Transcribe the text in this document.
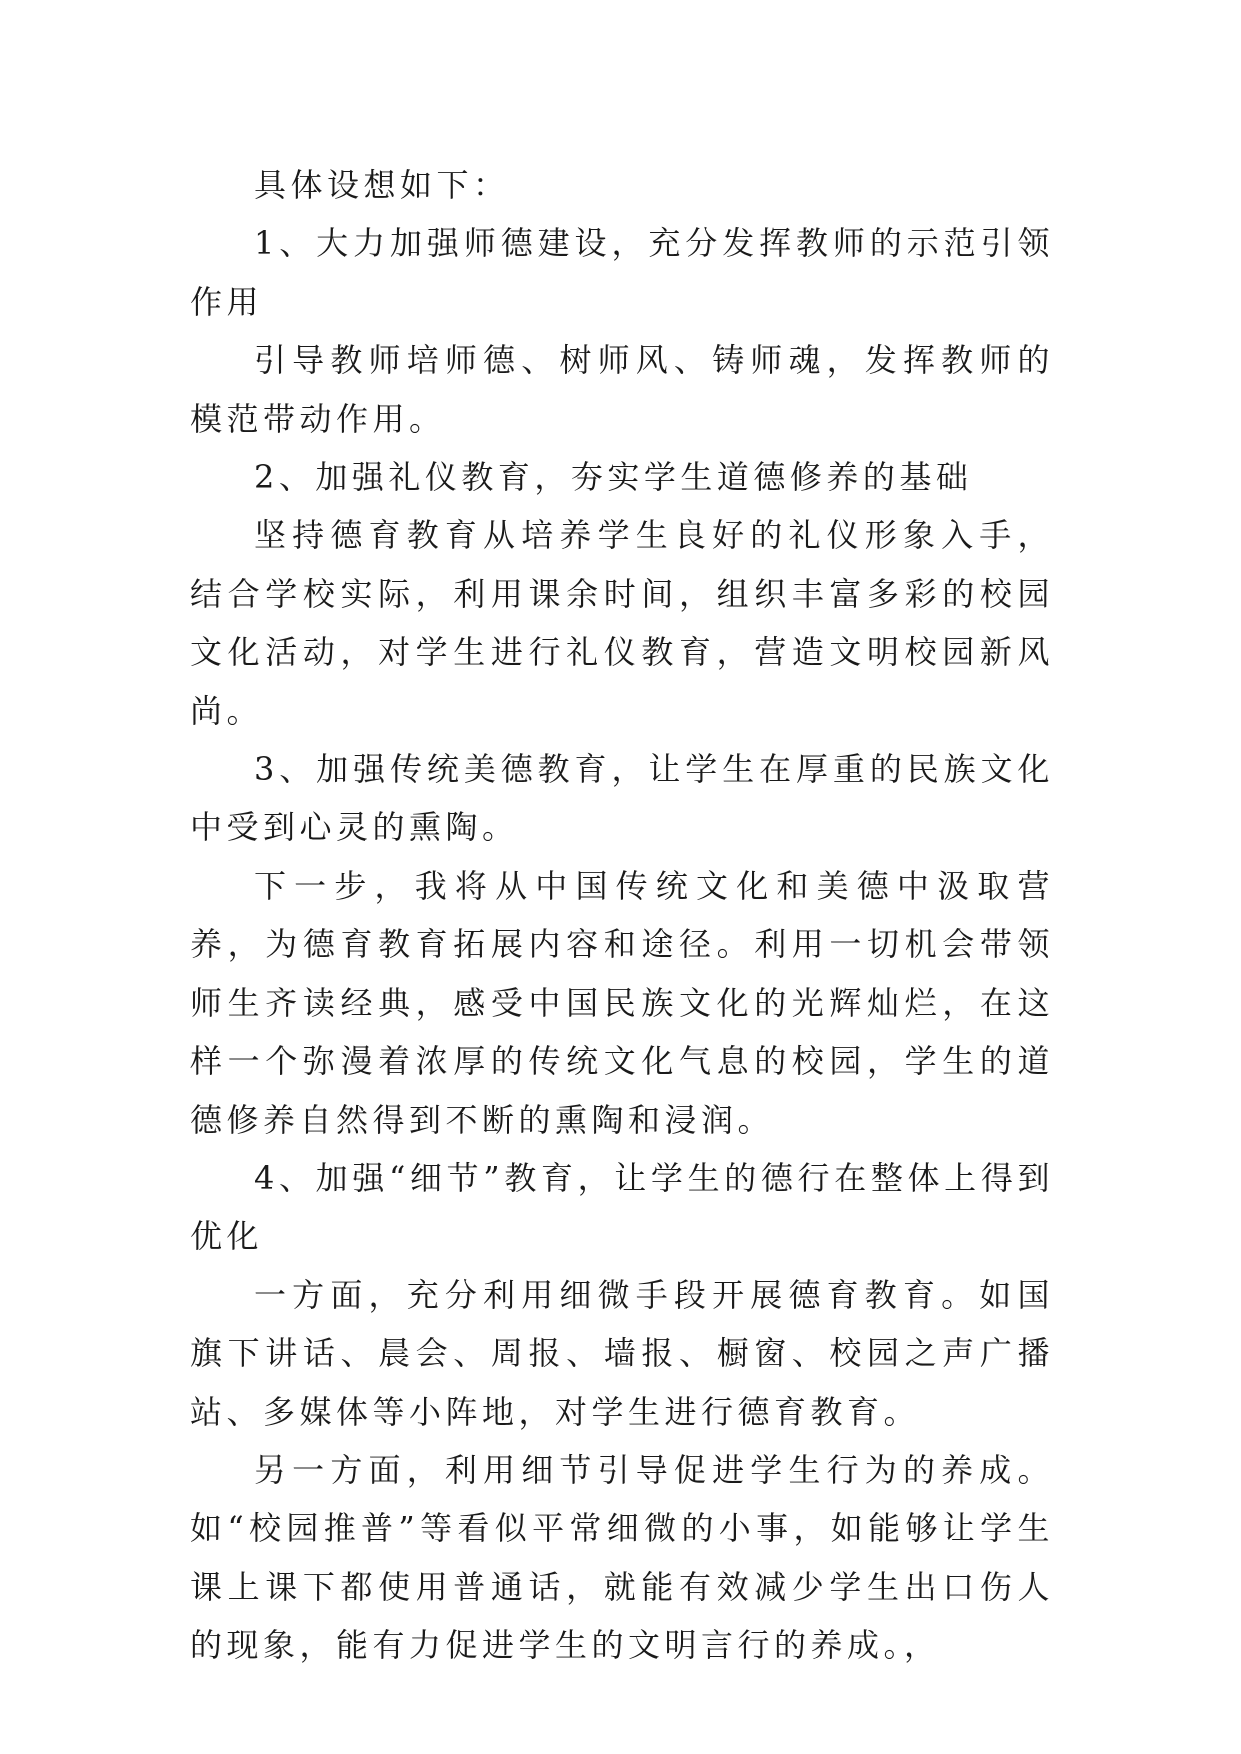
具体设想如下：

1、大力加强师德建设，充分发挥教师的示范引领作用

引导教师培师德、树师风、铸师魂，发挥教师的模范带动作用。

2、加强礼仪教育，夯实学生道德修养的基础

坚持德育教育从培养学生良好的礼仪形象入手，结合学校实际，利用课余时间，组织丰富多彩的校园文化活动，对学生进行礼仪教育，营造文明校园新风尚。

3、加强传统美德教育，让学生在厚重的民族文化中受到心灵的熏陶。

下一步，我将从中国传统文化和美德中汲取营养，为德育教育拓展内容和途径。利用一切机会带领师生齐读经典，感受中国民族文化的光辉灿烂，在这样一个弥漫着浓厚的传统文化气息的校园，学生的道德修养自然得到不断的熏陶和浸润。

4、加强“细节”教育，让学生的德行在整体上得到优化

一方面，充分利用细微手段开展德育教育。如国旗下讲话、晨会、周报、墙报、橱窗、校园之声广播站、多媒体等小阵地，对学生进行德育教育。

另一方面，利用细节引导促进学生行为的养成。如“校园推普”等看似平常细微的小事，如能够让学生课上课下都使用普通话，就能有效减少学生出口伤人的现象，能有力促进学生的文明言行的养成。，
